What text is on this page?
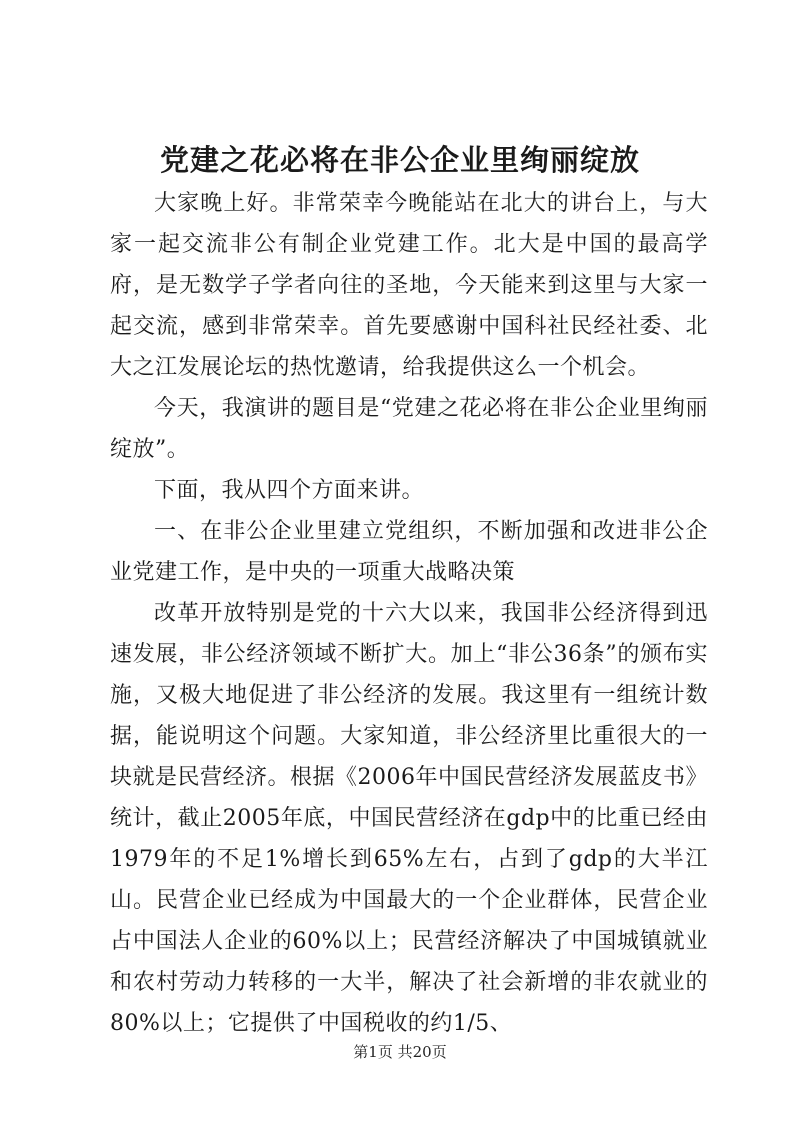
党建之花必将在非公企业里绚丽绽放

大家晚上好。非常荣幸今晚能站在北大的讲台上，与大家一起交流非公有制企业党建工作。北大是中国的最高学府，是无数学子学者向往的圣地，今天能来到这里与大家一起交流，感到非常荣幸。首先要感谢中国科社民经社委、北大之江发展论坛的热忱邀请，给我提供这么一个机会。

今天，我演讲的题目是“党建之花必将在非公企业里绚丽绽放”。

下面，我从四个方面来讲。

一、在非公企业里建立党组织，不断加强和改进非公企业党建工作，是中央的一项重大战略决策

改革开放特别是党的十六大以来，我国非公经济得到迅速发展，非公经济领域不断扩大。加上“非公36条”的颁布实施，又极大地促进了非公经济的发展。我这里有一组统计数据，能说明这个问题。大家知道，非公经济里比重很大的一块就是民营经济。根据《2006年中国民营经济发展蓝皮书》统计，截止2005年底，中国民营经济在gdp中的比重已经由1979年的不足1%增长到65%左右，占到了gdp的大半江山。民营企业已经成为中国最大的一个企业群体，民营企业占中国法人企业的60%以上；民营经济解决了中国城镇就业和农村劳动力转移的一大半，解决了社会新增的非农就业的80%以上；它提供了中国税收的约1/5、

第1页 共20页
